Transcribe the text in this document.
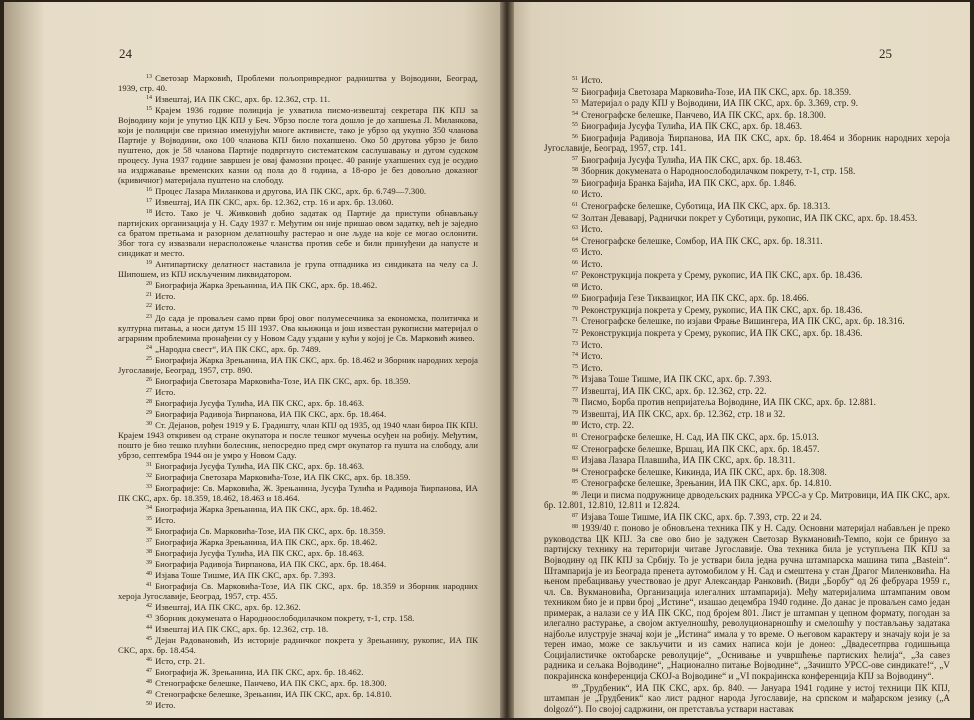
24

$^{13}$ Светозар Марковић, Проблеми пољопривредног радништва у Војводини, Београд, 1939, стр. 40.

$^{14}$ Извештај, ИА ПК СКС, арх. бр. 12.362, стр. 11.

$^{15}$ Крајем 1936 године полиција је ухватила писмо-извештај секретара ПК КПЈ за Војводину који је упутио ЦК КПЈ у Беч. Убрзо после тога дошло је до хапшења Л. Миланкова, који је полицији све признао именујући многе активисте, тако је убрзо од укупно 350 чланова Партије у Војводини, око 100 чланова КПЈ било похапшено. Око 50 другова убрзо је било пуштено, док је 58 чланова Партије подвргнуто систематском саслушавању и дугом судском процесу. Јуна 1937 године завршен је овај фамозни процес. 40 раније ухапшених суд је осудио на издржавање временских казни од пола до 8 година, а 18-оро је без довољно доказног (кривичног) материјала пуштено на слободу.

$^{16}$ Процес Лазара Миланкова и другова, ИА ПК СКС, арх. бр. 6.749—7.300.

$^{17}$ Извештај, ИА ПК СКС, арх. бр. 12.362, стр. 16 и арх. бр. 13.060.

$^{18}$ Исто. Тако је Ч. Живковић добио задатак од Партије да приступи обнављању партијских организација у Н. Саду 1937 г. Међутим он није пришао овом задатку, већ је заједно са братом претњама и разорном делатношћу растерао и оне људе на које се могао ослонити. Због тога су извазвали нерасположење чланства против себе и били принуђени да напусте и синдикат и место.

$^{19}$ Антипартиску делатност наставила је група отпадника из синдиката на челу са Ј. Шипошем, из КПЈ искљученим ликвидатором.

$^{20}$ Биографија Жарка Зрењанина, ИА ПК СКС, арх. бр. 18.462.

$^{21}$ Исто.

$^{22}$ Исто.

$^{23}$ До сада је проваљен само први број овог полумесечника за економска, политичка и културна питања, а носи датум 15 III 1937. Ова књижица и још известан рукописни материјал о аграрним проблемима пронађени су у Новом Саду уздани у кући у којој је Св. Марковић живео.

$^{24}$ „Народна свест“, ИА ПК СКС, арх. бр. 7489.

$^{25}$ Биографија Жарка Зрењанина, ИА ПК СКС, арх. бр. 18.462 и Зборник народних хероја Југославије, Београд, 1957, стр. 890.

$^{26}$ Биографија Светозара Марковића-Тозе, ИА ПК СКС, арх. бр. 18.359.

$^{27}$ Исто.

$^{28}$ Биографија Јусуфа Тулића, ИА ПК СКС, арх. бр. 18.463.

$^{29}$ Биографија Радивоја Ћирпанова, ИА ПК СКС, арх. бр. 18.464.

$^{30}$ Ст. Дејанов, рођен 1919 у Б. Градишту, члан КПЈ од 1935, од 1940 члан бироа ПК КПЈ. Крајем 1943 откривен од стране окупатора и после тешког мучења осуђен на робију. Међутим, пошто је био тешко плућни болесник, непосредно пред смрт окупатор га пушта на слободу, али убрзо, септембра 1944 он је умро у Новом Саду.

$^{31}$ Биографија Јусуфа Тулића, ИА ПК СКС, арх. бр. 18.463.

$^{32}$ Биографија Светозара Марковића-Тозе, ИА ПК СКС, арх. бр. 18.359.

$^{33}$ Биографије: Св. Марковића, Ж. Зрењанина, Јусуфа Тулића и Радивоја Ћирпанова, ИА ПК СКС, арх. бр. 18.359, 18.462, 18.463 и 18.464.

$^{34}$ Биографија Жарка Зрењанина, ИА ПК СКС, арх. бр. 18.462.

$^{35}$ Исто.

$^{36}$ Биографија Св. Марковића-Тозе, ИА ПК СКС, арх. бр. 18.359.

$^{37}$ Биографија Жарка Зрењанина, ИА ПК СКС, арх. бр. 18.462.

$^{38}$ Биографија Јусуфа Тулића, ИА ПК СКС, арх. бр. 18.463.

$^{39}$ Биографија Радивоја Ћирпанова, ИА ПК СКС, арх. бр. 18.464.

$^{40}$ Изјава Тоше Тишме, ИА ПК СКС, арх. бр. 7.393.

$^{41}$ Биографија Св. Марковића-Тозе, ИА ПК СКС, арх. бр. 18.359 и Зборник народних хероја Југославије, Београд, 1957, стр. 455.

$^{42}$ Извештај, ИА ПК СКС, арх. бр. 12.362.

$^{43}$ Зборник докумената о Народноослободилачком покрету, т-1, стр. 158.

$^{44}$ Извештај ИА ПК СКС, арх. бр. 12.362, стр. 18.

$^{45}$ Дејан Радовановић, Из историје радничког покрета у Зрењанину, рукопис, ИА ПК СКС, арх. бр. 18.454.

$^{46}$ Исто, стр. 21.

$^{47}$ Биографија Ж. Зрењанина, ИА ПК СКС, арх. бр. 18.462.

$^{48}$ Стенографске белешке, Панчево, ИА ПК СКС, арх. бр. 18.300.

$^{49}$ Стенографске белешке, Зрењанин, ИА ПК СКС, арх. бр. 14.810.

$^{50}$ Исто.

25

$^{51}$ Исто.

$^{52}$ Биографија Светозара Марковића-Тозе, ИА ПК СКС, арх. бр. 18.359.

$^{53}$ Материјал о раду КПЈ у Војводини, ИА ПК СКС, арх. бр. 3.369, стр. 9.

$^{54}$ Стенографске белешке, Панчево, ИА ПК СКС, арх. бр. 18.300.

$^{55}$ Биографија Јусуфа Тулића, ИА ПК СКС, арх. бр. 18.463.

$^{56}$ Биографија Радивоја Ћирпанова, ИА ПК СКС, арх. бр. 18.464 и Зборник народних хероја Југославије, Београд, 1957, стр. 141.

$^{57}$ Биографија Јусуфа Тулића, ИА ПК СКС, арх. бр. 18.463.

$^{58}$ Зборник докумената о Народноослободилачком покрету, т-1, стр. 158.

$^{59}$ Биографија Бранка Бајића, ИА ПК СКС, арх. бр. 1.846.

$^{60}$ Исто.

$^{61}$ Стенографске белешке, Суботица, ИА ПК СКС, арх. бр. 18.313.

$^{62}$ Золтан Деваварј, Раднички покрет у Суботици, рукопис, ИА ПК СКС, арх. бр. 18.453.

$^{63}$ Исто.

$^{64}$ Стенографске белешке, Сомбор, ИА ПК СКС, арх. бр. 18.311.

$^{65}$ Исто.

$^{66}$ Исто.

$^{67}$ Реконструкција покрета у Срему, рукопис, ИА ПК СКС, арх. бр. 18.436.

$^{68}$ Исто.

$^{69}$ Биографија Гезе Тикваицког, ИА ПК СКС, арх. бр. 18.466.

$^{70}$ Реконструкција покрета у Срему, рукопис, ИА ПК СКС, арх. бр. 18.436.

$^{71}$ Стенографске белешке, по изјави Фрање Вишингера, ИА ПК СКС, арх. бр. 18.316.

$^{72}$ Реконструкција покрета у Срему, рукопис, ИА ПК СКС, арх. бр. 18.436.

$^{73}$ Исто.

$^{74}$ Исто.

$^{75}$ Исто.

$^{76}$ Изјава Тоше Тишме, ИА ПК СКС, арх. бр. 7.393.

$^{77}$ Извештај, ИА ПК СКС, арх. бр. 12.362, стр. 22.

$^{78}$ Писмо, Борба против непријатеља Војводине, ИА ПК СКС, арх. бр. 12.881.

$^{79}$ Извештај, ИА ПК СКС, арх. бр. 12.362, стр. 18 и 32.

$^{80}$ Исто, стр. 22.

$^{81}$ Стенографске белешке, Н. Сад, ИА ПК СКС, арх. бр. 15.013.

$^{82}$ Стенографске белешке, Вршац, ИА ПК СКС, арх. бр. 18.457.

$^{83}$ Изјава Лазара Плавшића, ИА ПК СКС, арх. бр. 18.311.

$^{84}$ Стенографске белешке, Кикинда, ИА ПК СКС, арх. бр. 18.308.

$^{85}$ Стенографске белешке, Зрењанин, ИА ПК СКС, арх. бр. 14.810.

$^{86}$ Леци и писма подружнице дрводељских радника УРСС-а у Ср. Митровици, ИА ПК СКС, арх. бр. 12.801, 12.810, 12.811 и 12.824.

$^{87}$ Изјава Тоше Тишме, ИА ПК СКС, арх. бр. 7.393, стр. 22 и 24.

$^{88}$ 1939/40 г. поново је обновљена техника ПК у Н. Саду. Основни материјал набављен је преко руководства ЦК КПЈ. За све ово био је задужен Светозар Вукмановић-Темпо, који се бринуо за партијску технику на територији читаве Југославије. Ова техника била је уступљена ПК КПЈ за Војводину од ПК КПЈ за Србију. То је уствари била једна ручна штампарска машина типа „Bastein“. Штампарија је из Београда пренета аутомобилом у Н. Сад и смештена у стан Драгог Миленковића. На њеном пребацивању учествовао је друг Александар Ранковић. (Види „Борбу“ од 26 фебруара 1959 г., чл. Св. Вукмановића, Организација илегалних штампарија). Међу материјалима штампаним овом техником био је и први број „Истине“, изашао децембра 1940 године. До данас је проваљен само један примерак, а налази се у ИА ПК СКС, под бројем 801. Лист је штампан у цепном формату, погодан за илегално растурање, а својом актуелношћу, револуционарношћу и смелошћу у постављању задатака најбоље илуструје значај који је „Истина“ имала у то време. О његовом карактеру и значају који је за терен имао, може се закључити и из самих написа који је донео: „Двадесетпрва годишњица Социјалистичке октобарске револуције“, „Оснивање и учвршћење партиских ћелија“, „За савез радника и сељака Војводине“, „Национално питање Војводине“, „Зачишто УРСС-ове синдикате!“, „V покрајинска конференција СКОЈ-а Војводине“ и „VI покрајинска конференција КПЈ за Војводину“.

$^{89}$ „Трудбеник“, ИА ПК СКС, арх. бр. 840. — Јануара 1941 године у истој техници ПК КПЈ, штампан је „Трудбеник“ као лист радног народа Југославије, на српском и мађарском језику („A dolgozó“). По својој садржини, он претставља уствари наставак
